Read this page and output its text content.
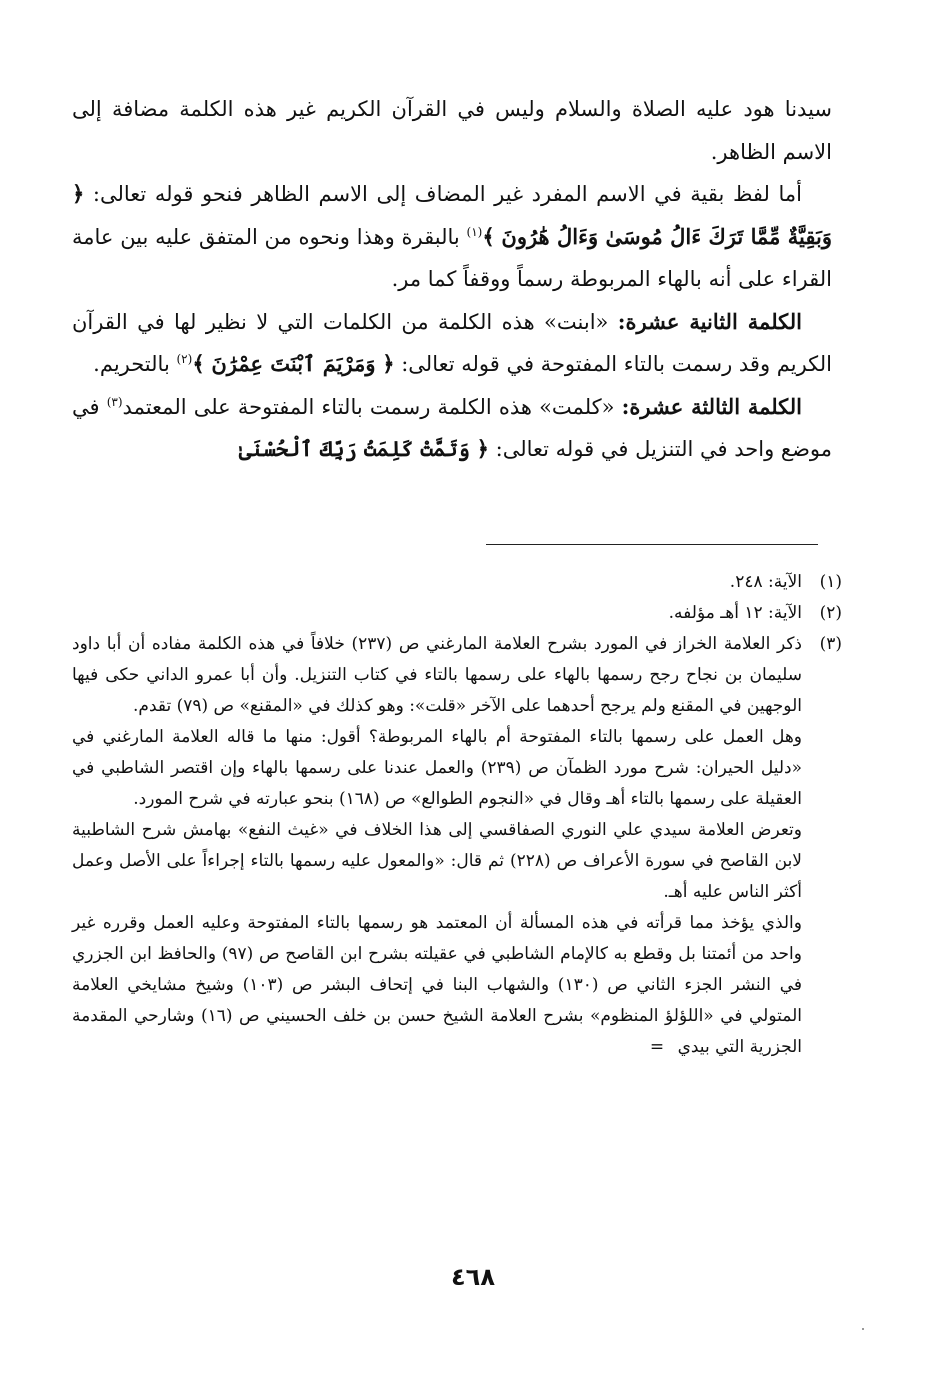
سيدنا هود عليه الصلاة والسلام وليس في القرآن الكريم غير هذه الكلمة مضافة إلى الاسم الظاهر.

أما لفظ بقية في الاسم المفرد غير المضاف إلى الاسم الظاهر فنحو قوله تعالى: ﴿ وَبَقِيَّةٌ مِّمَّا تَرَكَ ءَالُ مُوسَىٰ وَءَالُ هَٰرُونَ ﴾$^{(١)}$ بالبقرة وهذا ونحوه من المتفق عليه بين عامة القراء على أنه بالهاء المربوطة رسماً ووقفاً كما مر.

الكلمة الثانية عشرة: «ابنت» هذه الكلمة من الكلمات التي لا نظير لها في القرآن الكريم وقد رسمت بالتاء المفتوحة في قوله تعالى: ﴿ وَمَرْيَمَ ٱبْنَتَ عِمْرَٰنَ ﴾$^{(٢)}$ بالتحريم.

الكلمة الثالثة عشرة: «كلمت» هذه الكلمة رسمت بالتاء المفتوحة على المعتمد$^{(٣)}$ في موضع واحد في التنزيل في قوله تعالى: ﴿ وَتَمَّتْ كَلِمَتُ رَبِّكَ ٱلْحُسْنَىٰ

(١)
الآية: ٢٤٨.
(٢)
الآية: ١٢ أهـ مؤلفه.
(٣)
ذكر العلامة الخراز في المورد بشرح العلامة المارغني ص (٢٣٧) خلافاً في هذه الكلمة مفاده أن أبا داود سليمان بن نجاح رجح رسمها بالهاء على رسمها بالتاء في كتاب التنزيل. وأن أبا عمرو الداني حكى فيها الوجهين في المقنع ولم يرجح أحدهما على الآخر «قلت»: وهو كذلك في «المقنع» ص (٧٩) تقدم.

وهل العمل على رسمها بالتاء المفتوحة أم بالهاء المربوطة؟ أقول: منها ما قاله العلامة المارغني في «دليل الحيران: شرح مورد الظمآن ص (٢٣٩) والعمل عندنا على رسمها بالهاء وإن اقتصر الشاطبي في العقيلة على رسمها بالتاء أهـ وقال في «النجوم الطوالع» ص (١٦٨) بنحو عبارته في شرح المورد.

وتعرض العلامة سيدي علي النوري الصفاقسي إلى هذا الخلاف في «غيث النفع» بهامش شرح الشاطبية لابن القاصح في سورة الأعراف ص (٢٢٨) ثم قال: «والمعول عليه رسمها بالتاء إجراءاً على الأصل وعمل أكثر الناس عليه أهـ.

والذي يؤخذ مما قرأته في هذه المسألة أن المعتمد هو رسمها بالتاء المفتوحة وعليه العمل وقرره غير واحد من أئمتنا بل وقطع به كالإمام الشاطبي في عقيلته بشرح ابن القاصح ص (٩٧) والحافظ ابن الجزري في النشر الجزء الثاني ص (١٣٠) والشهاب البنا في إتحاف البشر ص (١٠٣) وشيخ مشايخي العلامة المتولي في «اللؤلؤ المنظوم» بشرح العلامة الشيخ حسن بن خلف الحسيني ص (١٦) وشارحي المقدمة الجزرية التي بيدي =

٤٦٨
